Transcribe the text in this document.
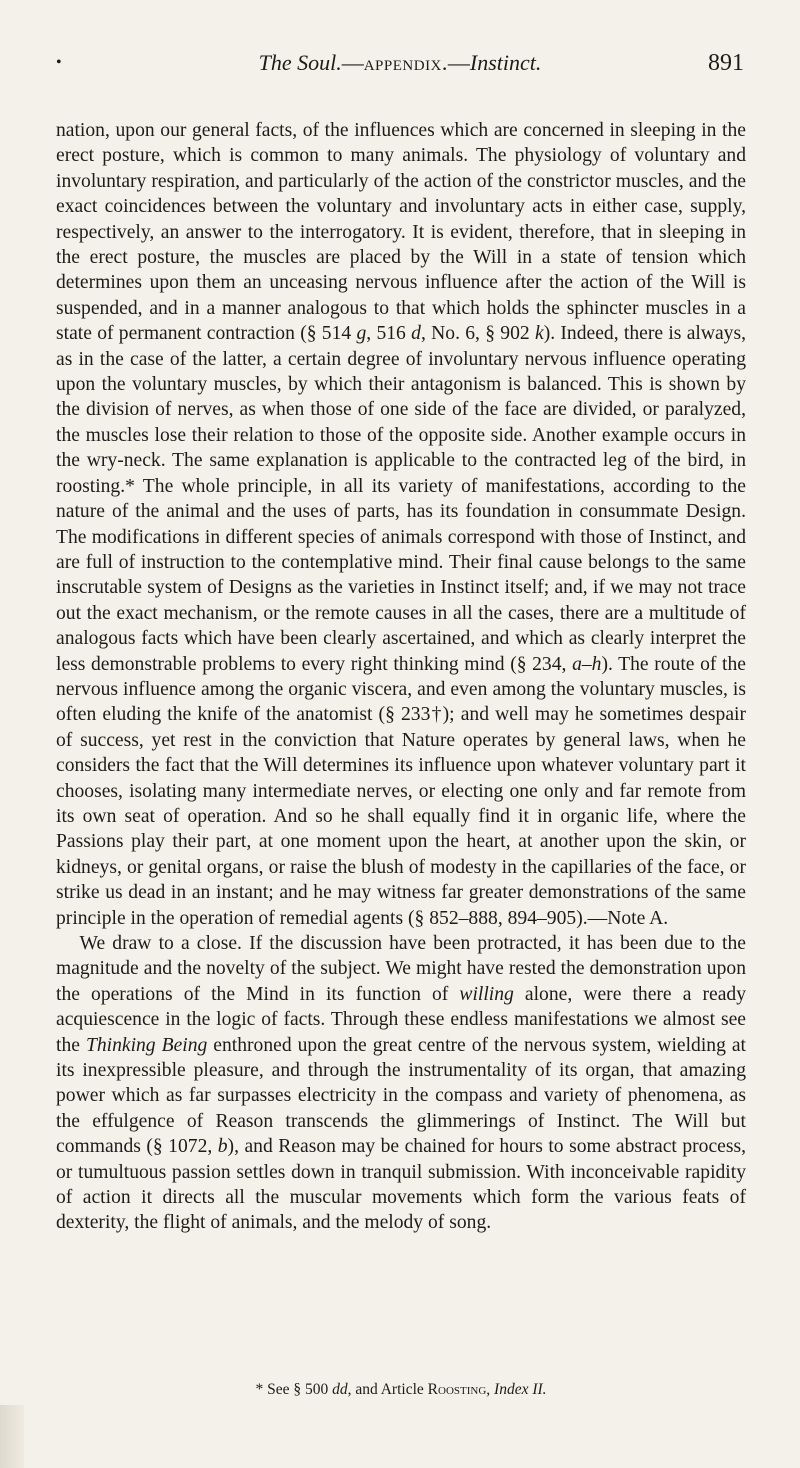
•	The Soul.—appendix.—Instinct.	891

nation, upon our general facts, of the influences which are concerned in sleeping in the erect posture, which is common to many animals. The physiology of voluntary and involuntary respiration, and particularly of the action of the constrictor muscles, and the exact coincidences between the voluntary and involuntary acts in either case, supply, respectively, an answer to the interrogatory. It is evident, therefore, that in sleeping in the erect posture, the muscles are placed by the Will in a state of tension which determines upon them an unceasing nervous influence after the action of the Will is suspended, and in a manner analogous to that which holds the sphincter muscles in a state of permanent contraction (§ 514 g, 516 d, No. 6, § 902 k). Indeed, there is always, as in the case of the latter, a certain degree of involuntary nervous influence operating upon the voluntary muscles, by which their antagonism is balanced. This is shown by the division of nerves, as when those of one side of the face are divided, or paralyzed, the muscles lose their relation to those of the opposite side. Another example occurs in the wry-neck. The same explanation is applicable to the contracted leg of the bird, in roosting.* The whole principle, in all its variety of manifestations, according to the nature of the animal and the uses of parts, has its foundation in consummate Design. The modifications in different species of animals correspond with those of Instinct, and are full of instruction to the contemplative mind. Their final cause belongs to the same inscrutable system of Designs as the varieties in Instinct itself; and, if we may not trace out the exact mechanism, or the remote causes in all the cases, there are a multitude of analogous facts which have been clearly ascertained, and which as clearly interpret the less demonstrable problems to every right thinking mind (§ 234, a–h). The route of the nervous influence among the organic viscera, and even among the voluntary muscles, is often eluding the knife of the anatomist (§ 233†); and well may he sometimes despair of success, yet rest in the conviction that Nature operates by general laws, when he considers the fact that the Will determines its influence upon whatever voluntary part it chooses, isolating many intermediate nerves, or electing one only and far remote from its own seat of operation. And so he shall equally find it in organic life, where the Passions play their part, at one moment upon the heart, at another upon the skin, or kidneys, or genital organs, or raise the blush of modesty in the capillaries of the face, or strike us dead in an instant; and he may witness far greater demonstrations of the same principle in the operation of remedial agents (§ 852–888, 894–905).—Note A.

We draw to a close. If the discussion have been protracted, it has been due to the magnitude and the novelty of the subject. We might have rested the demonstration upon the operations of the Mind in its function of willing alone, were there a ready acquiescence in the logic of facts. Through these endless manifestations we almost see the Thinking Being enthroned upon the great centre of the nervous system, wielding at its inexpressible pleasure, and through the instrumentality of its organ, that amazing power which as far surpasses electricity in the compass and variety of phenomena, as the effulgence of Reason transcends the glimmerings of Instinct. The Will but commands (§ 1072, b), and Reason may be chained for hours to some abstract process, or tumultuous passion settles down in tranquil submission. With inconceivable rapidity of action it directs all the muscular movements which form the various feats of dexterity, the flight of animals, and the melody of song.

* See § 500 dd, and Article Roosting, Index II.
